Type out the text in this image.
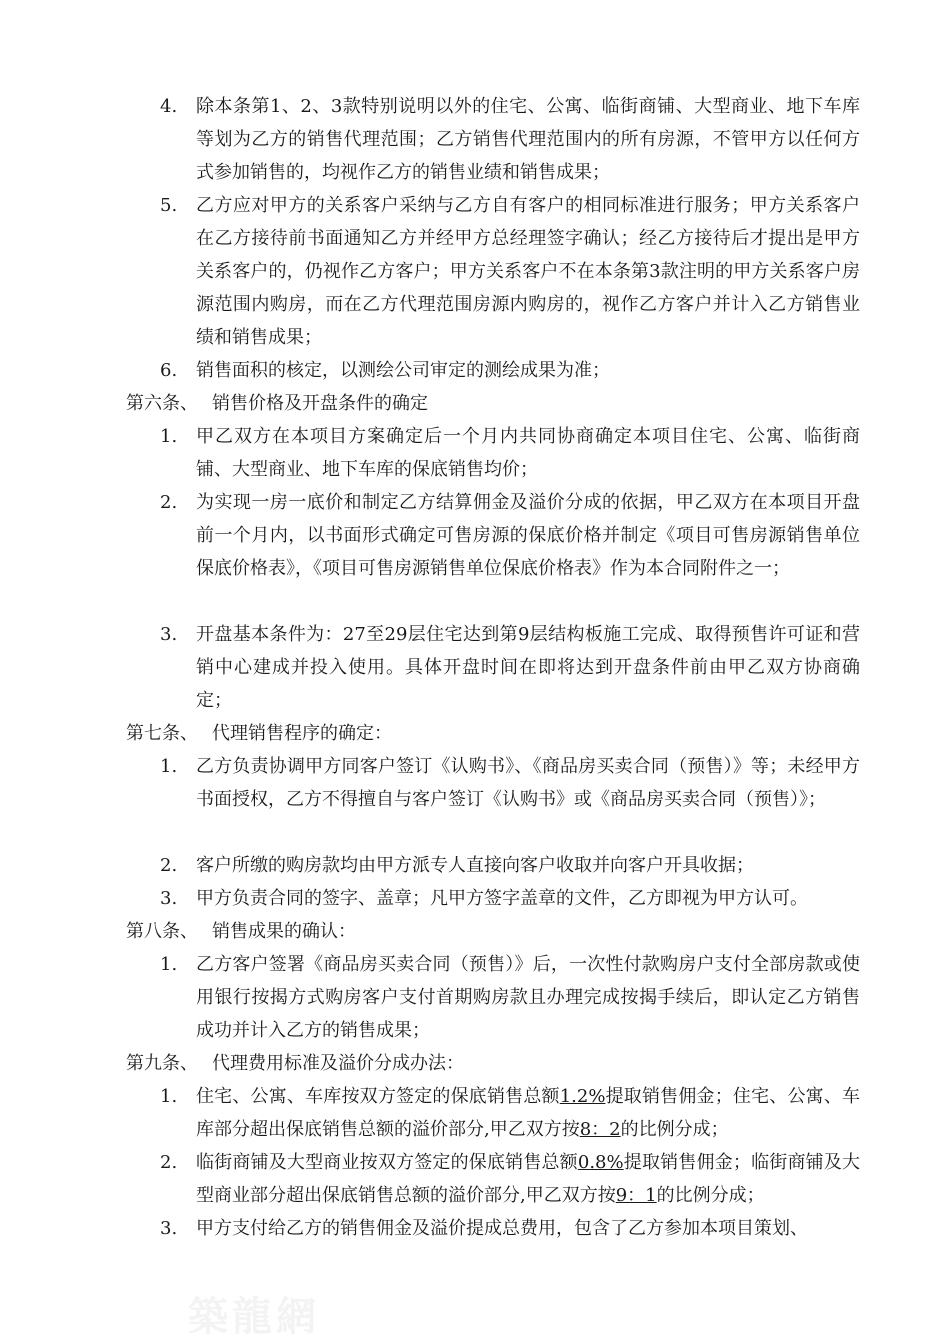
4. 除本条第1、2、3款特别说明以外的住宅、公寓、临街商铺、大型商业、地下车库等划为乙方的销售代理范围；乙方销售代理范围内的所有房源，不管甲方以任何方式参加销售的，均视作乙方的销售业绩和销售成果；
5. 乙方应对甲方的关系客户采纳与乙方自有客户的相同标准进行服务；甲方关系客户在乙方接待前书面通知乙方并经甲方总经理签字确认；经乙方接待后才提出是甲方关系客户的，仍视作乙方客户；甲方关系客户不在本条第3款注明的甲方关系客户房源范围内购房，而在乙方代理范围房源内购房的，视作乙方客户并计入乙方销售业绩和销售成果；
6. 销售面积的核定，以测绘公司审定的测绘成果为准；
第六条、 销售价格及开盘条件的确定
1. 甲乙双方在本项目方案确定后一个月内共同协商确定本项目住宅、公寓、临街商铺、大型商业、地下车库的保底销售均价；
2. 为实现一房一底价和制定乙方结算佣金及溢价分成的依据，甲乙双方在本项目开盘前一个月内，以书面形式确定可售房源的保底价格并制定《项目可售房源销售单位保底价格表》，《项目可售房源销售单位保底价格表》作为本合同附件之一；
3. 开盘基本条件为：27至29层住宅达到第9层结构板施工完成、取得预售许可证和营销中心建成并投入使用。具体开盘时间在即将达到开盘条件前由甲乙双方协商确定；
第七条、 代理销售程序的确定：
1. 乙方负责协调甲方同客户签订《认购书》、《商品房买卖合同（预售）》等；未经甲方书面授权，乙方不得擅自与客户签订《认购书》或《商品房买卖合同（预售）》；
2. 客户所缴的购房款均由甲方派专人直接向客户收取并向客户开具收据；
3. 甲方负责合同的签字、盖章；凡甲方签字盖章的文件，乙方即视为甲方认可。
第八条、 销售成果的确认：
1. 乙方客户签署《商品房买卖合同（预售）》后，一次性付款购房户支付全部房款或使用银行按揭方式购房客户支付首期购房款且办理完成按揭手续后，即认定乙方销售成功并计入乙方的销售成果；
第九条、 代理费用标准及溢价分成办法：
1. 住宅、公寓、车库按双方签定的保底销售总额1.2%提取销售佣金；住宅、公寓、车库部分超出保底销售总额的溢价部分,甲乙双方按8：2的比例分成；
2. 临街商铺及大型商业按双方签定的保底销售总额0.8%提取销售佣金；临街商铺及大型商业部分超出保底销售总额的溢价部分,甲乙双方按9：1的比例分成；
3. 甲方支付给乙方的销售佣金及溢价提成总费用，包含了乙方参加本项目策划、
築龍網
